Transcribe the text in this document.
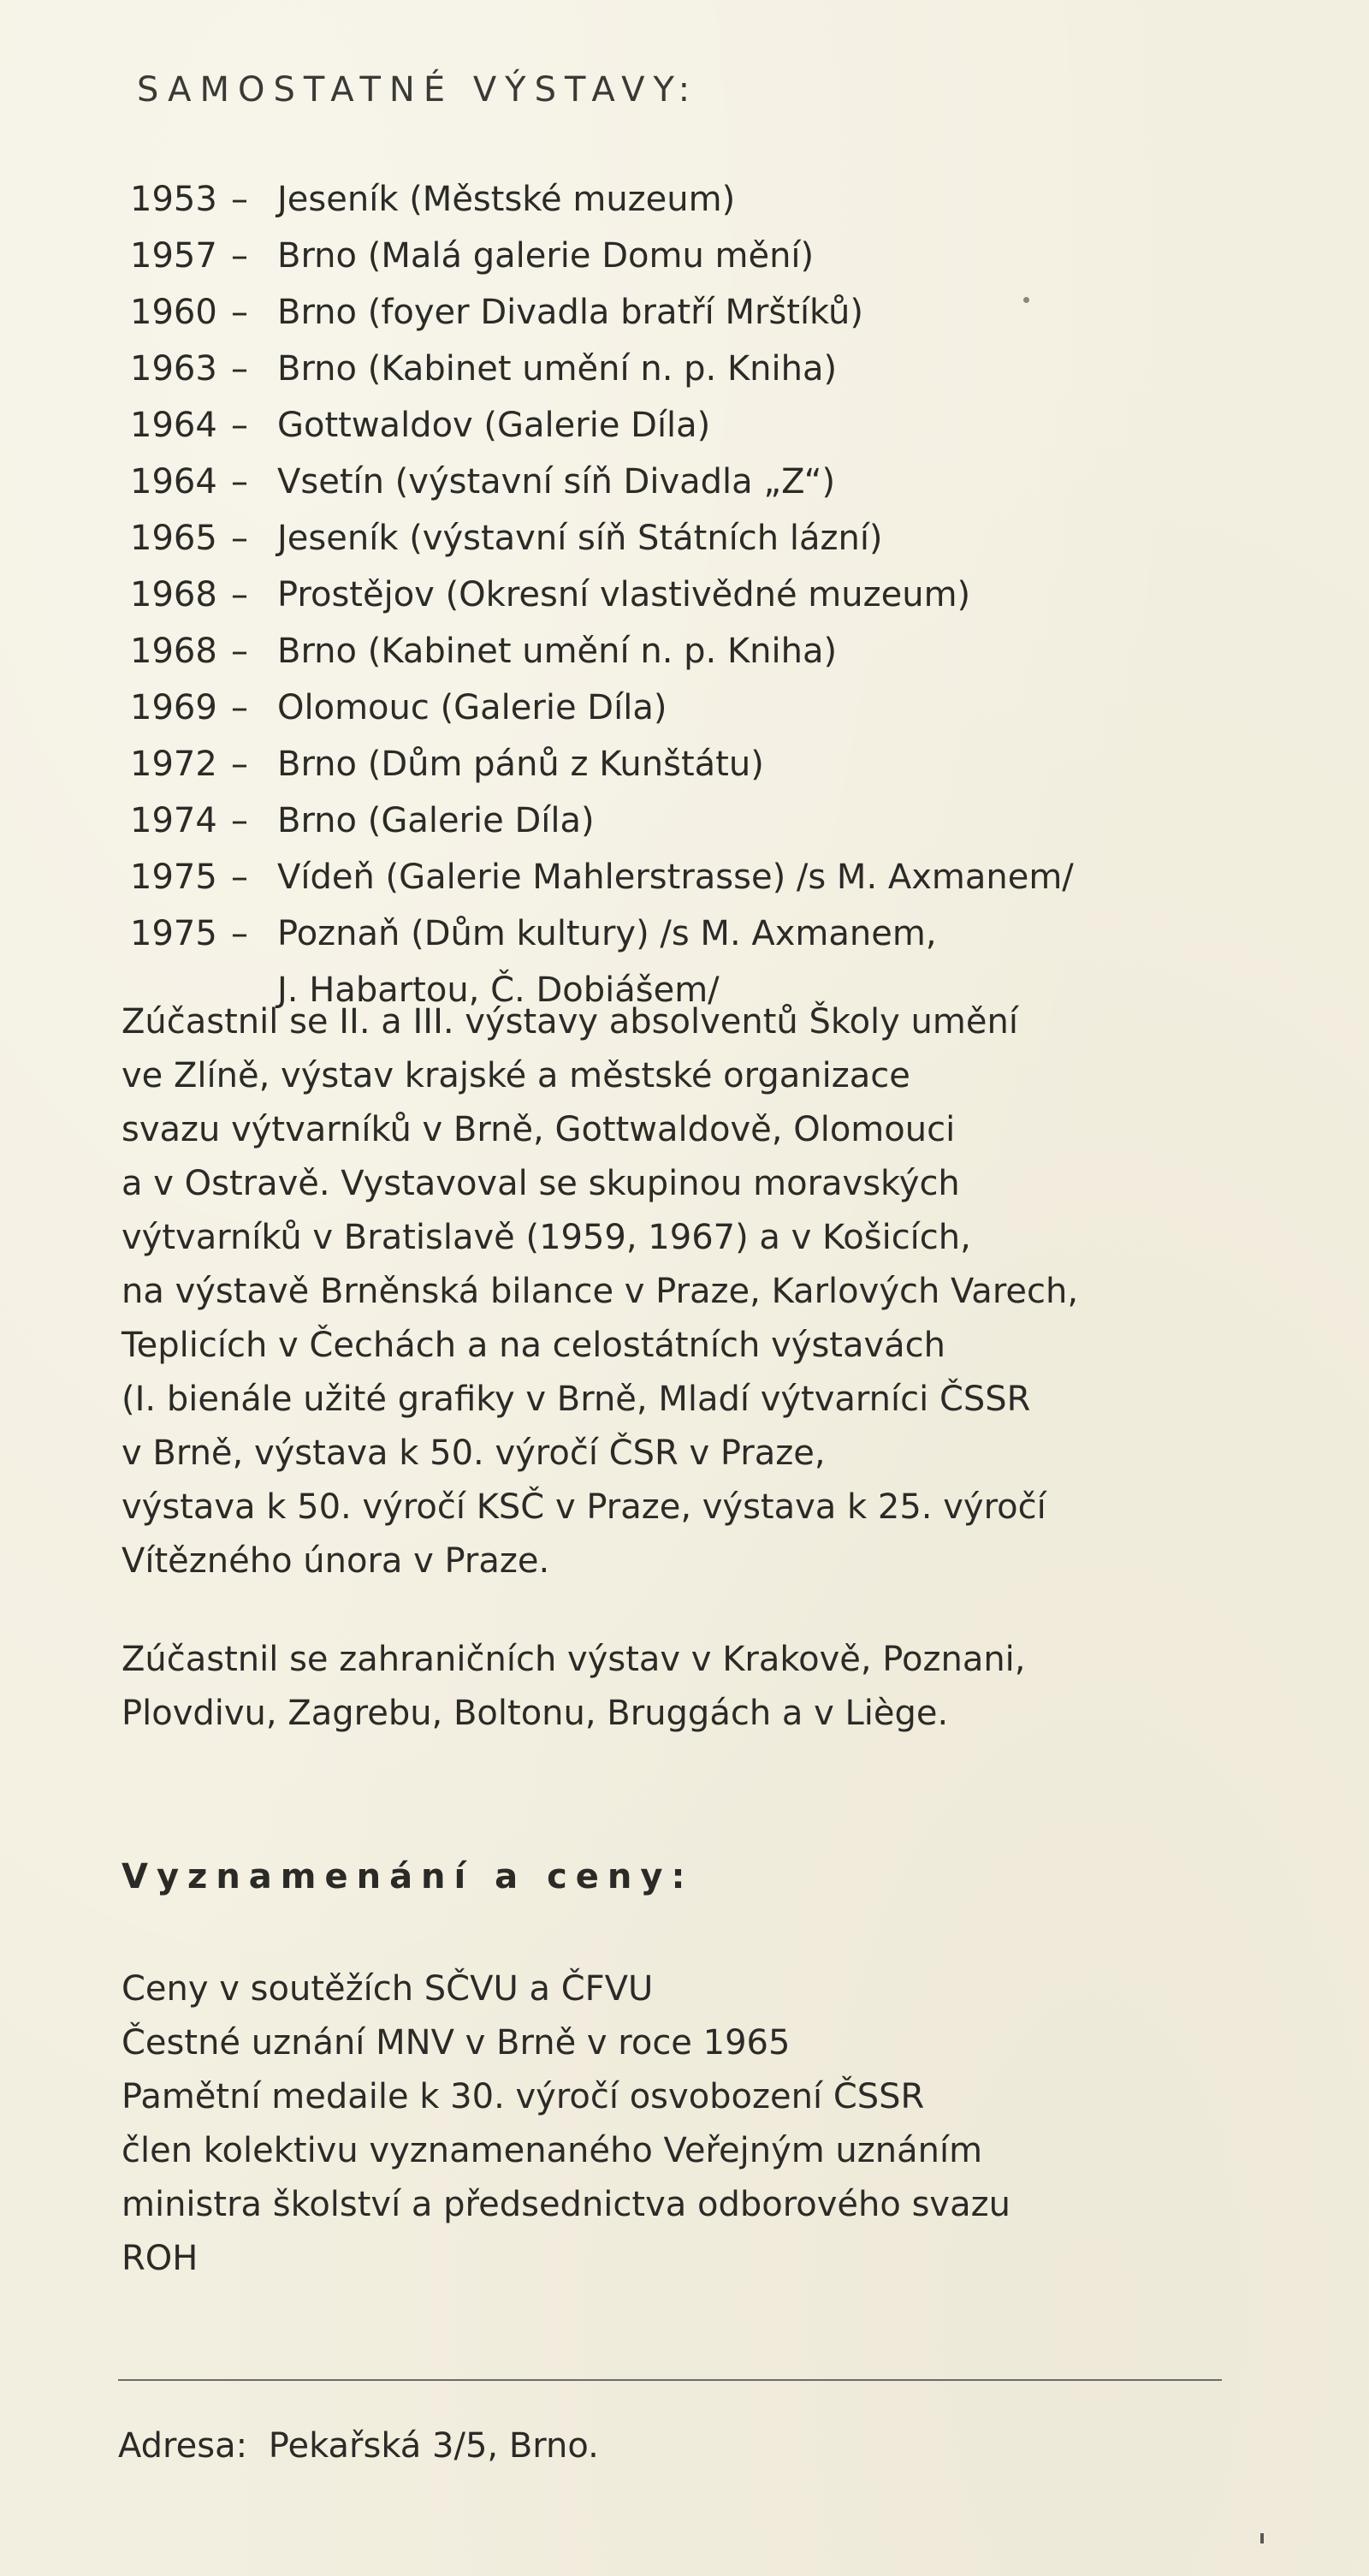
SAMOSTATNÉ VÝSTAVY:
1953 – Jeseník (Městské muzeum)
1957 – Brno (Malá galerie Domu mění)
1960 – Brno (foyer Divadla bratří Mrštíků)
1963 – Brno (Kabinet umění n. p. Kniha)
1964 – Gottwaldov (Galerie Díla)
1964 – Vsetín (výstavní síň Divadla „Z“)
1965 – Jeseník (výstavní síň Státních lázní)
1968 – Prostějov (Okresní vlastivědné muzeum)
1968 – Brno (Kabinet umění n. p. Kniha)
1969 – Olomouc (Galerie Díla)
1972 – Brno (Dům pánů z Kunštátu)
1974 – Brno (Galerie Díla)
1975 – Vídeň (Galerie Mahlerstrasse) /s M. Axmanem/
1975 – Poznaň (Dům kultury) /s M. Axmanem,
J. Habartou, Č. Dobiášem/
Zúčastnil se II. a III. výstavy absolventů Školy umění
ve Zlíně, výstav krajské a městské organizace
svazu výtvarníků v Brně, Gottwaldově, Olomouci
a v Ostravě. Vystavoval se skupinou moravských
výtvarníků v Bratislavě (1959, 1967) a v Košicích,
na výstavě Brněnská bilance v Praze, Karlových Varech,
Teplicích v Čechách a na celostátních výstavách
(I. bienále užité grafiky v Brně, Mladí výtvarníci ČSSR
v Brně, výstava k 50. výročí ČSR v Praze,
výstava k 50. výročí KSČ v Praze, výstava k 25. výročí
Vítězného února v Praze.
Zúčastnil se zahraničních výstav v Krakově, Poznani,
Plovdivu, Zagrebu, Boltonu, Bruggách a v Liège.
Vyznamenání a ceny:
Ceny v soutěžích SČVU a ČFVU
Čestné uznání MNV v Brně v roce 1965
Pamětní medaile k 30. výročí osvobození ČSSR
člen kolektivu vyznamenaného Veřejným uznáním
ministra školství a předsednictva odborového svazu
ROH
Adresa: Pekařská 3/5, Brno.
